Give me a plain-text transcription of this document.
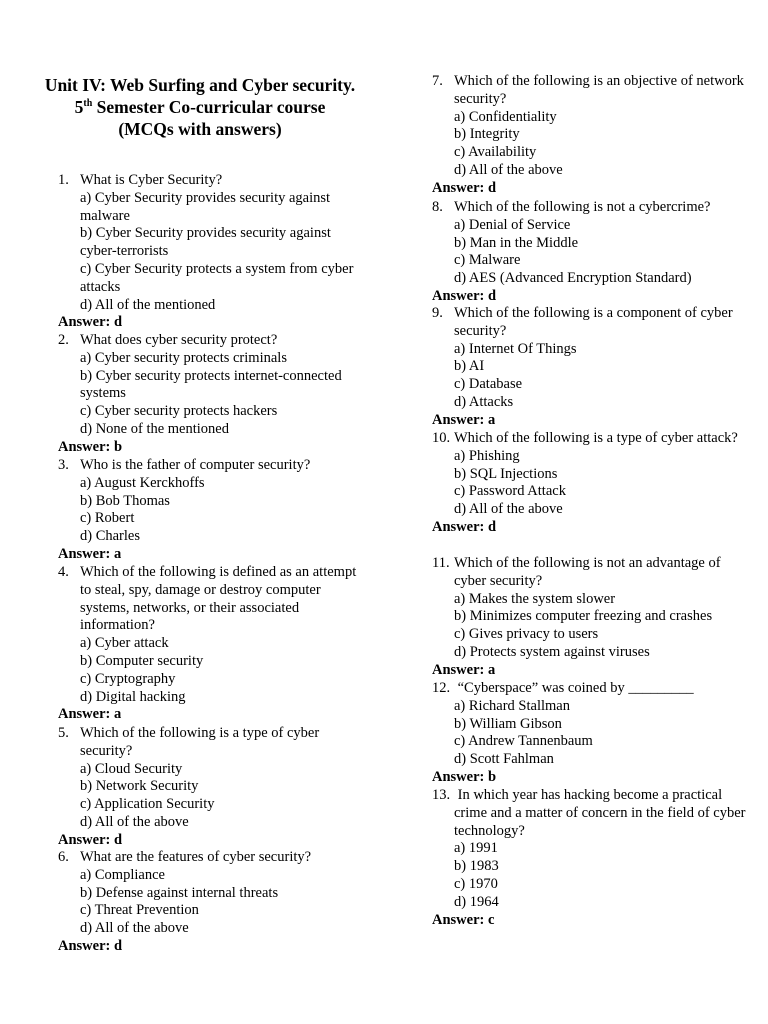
Unit IV: Web Surfing and Cyber security.
5th Semester Co-curricular course
(MCQs with answers)
1. What is Cyber Security?
a) Cyber Security provides security against malware
b) Cyber Security provides security against cyber-terrorists
c) Cyber Security protects a system from cyber attacks
d) All of the mentioned
Answer: d
2. What does cyber security protect?
a) Cyber security protects criminals
b) Cyber security protects internet-connected systems
c) Cyber security protects hackers
d) None of the mentioned
Answer: b
3. Who is the father of computer security?
a) August Kerckhoffs
b) Bob Thomas
c) Robert
d) Charles
Answer: a
4. Which of the following is defined as an attempt to steal, spy, damage or destroy computer systems, networks, or their associated information?
a) Cyber attack
b) Computer security
c) Cryptography
d) Digital hacking
Answer: a
5. Which of the following is a type of cyber security?
a) Cloud Security
b) Network Security
c) Application Security
d) All of the above
Answer: d
6. What are the features of cyber security?
a) Compliance
b) Defense against internal threats
c) Threat Prevention
d) All of the above
Answer: d
7. Which of the following is an objective of network security?
a) Confidentiality
b) Integrity
c) Availability
d) All of the above
Answer: d
8. Which of the following is not a cybercrime?
a) Denial of Service
b) Man in the Middle
c) Malware
d) AES (Advanced Encryption Standard)
Answer: d
9. Which of the following is a component of cyber security?
a) Internet Of Things
b) AI
c) Database
d) Attacks
Answer: a
10. Which of the following is a type of cyber attack?
a) Phishing
b) SQL Injections
c) Password Attack
d) All of the above
Answer: d
11. Which of the following is not an advantage of cyber security?
a) Makes the system slower
b) Minimizes computer freezing and crashes
c) Gives privacy to users
d) Protects system against viruses
Answer: a
12. “Cyberspace” was coined by _________
a) Richard Stallman
b) William Gibson
c) Andrew Tannenbaum
d) Scott Fahlman
Answer: b
13. In which year has hacking become a practical crime and a matter of concern in the field of cyber technology?
a) 1991
b) 1983
c) 1970
d) 1964
Answer: c
